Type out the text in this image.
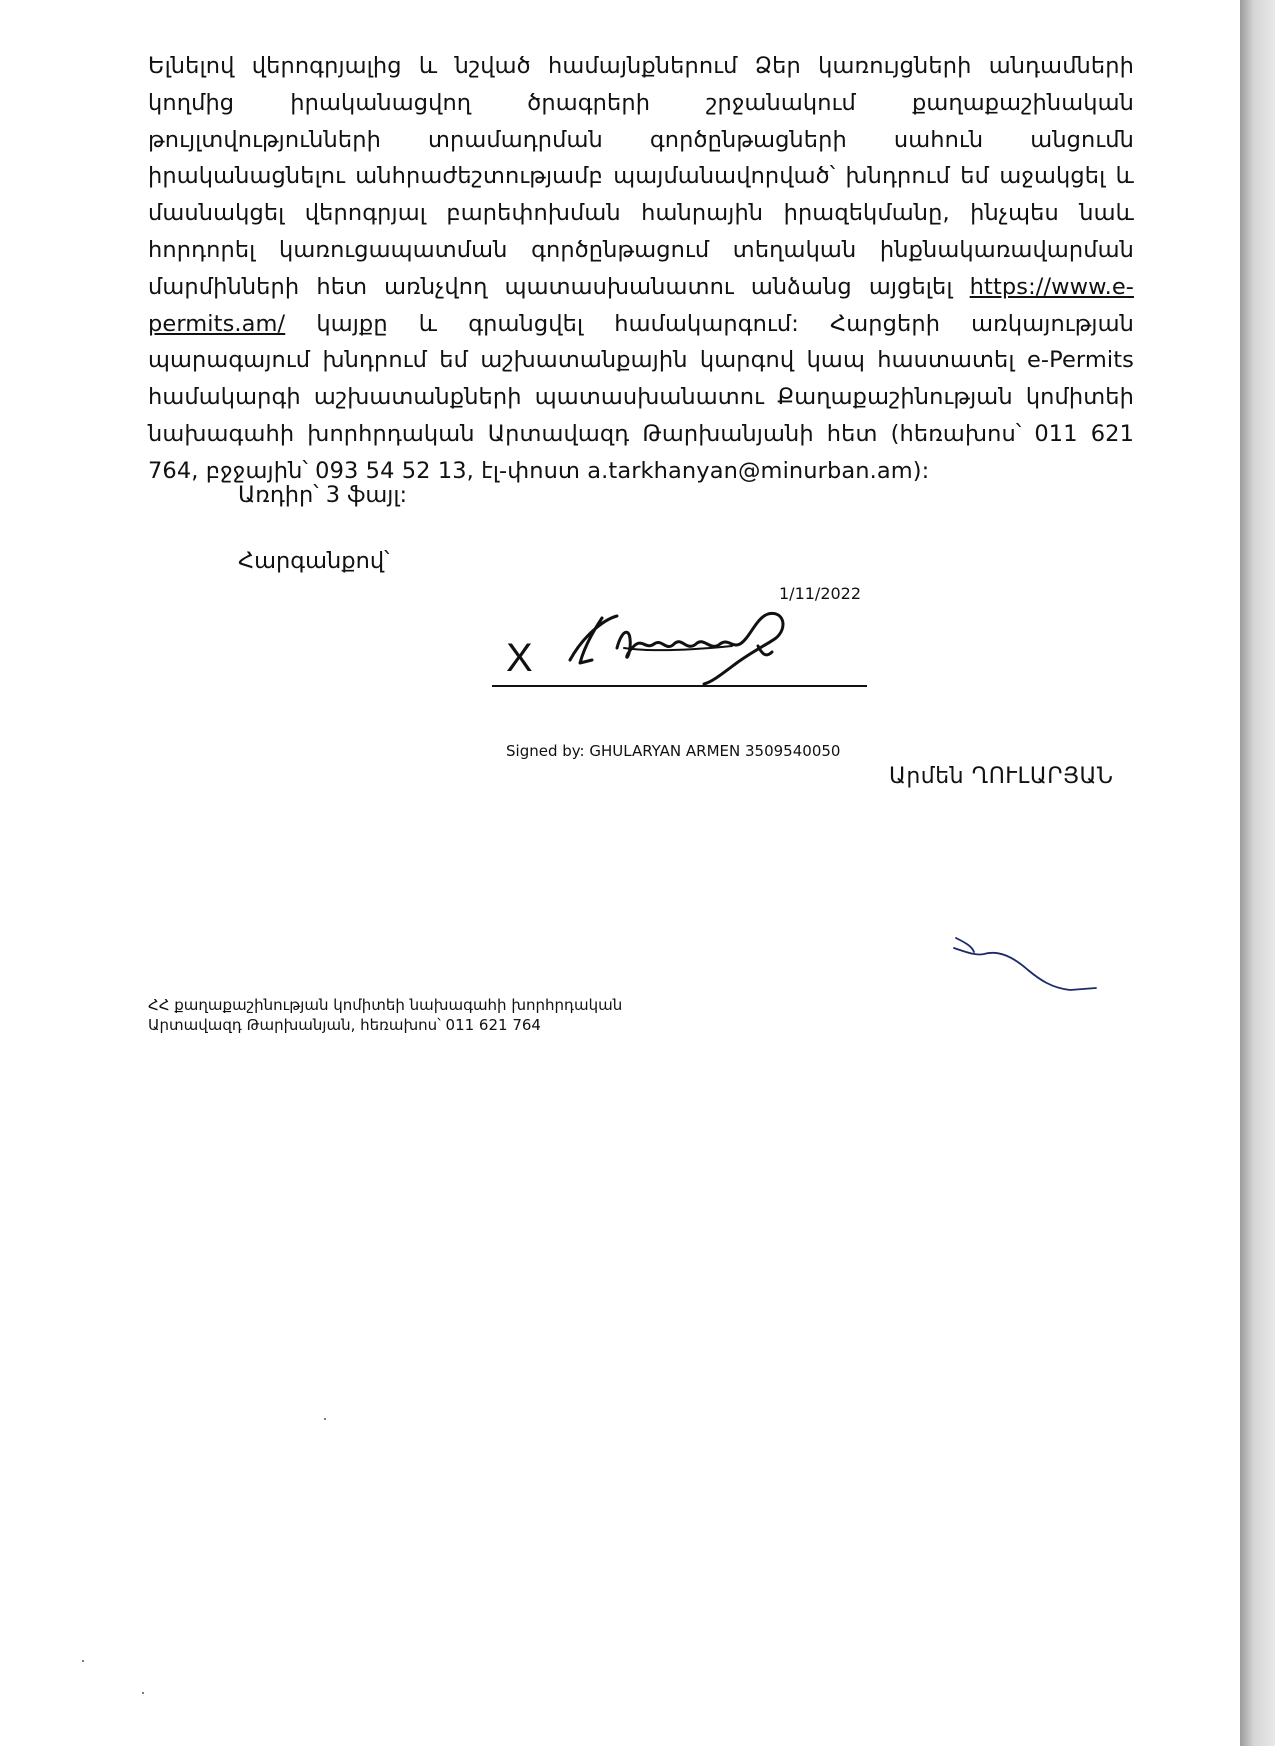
Ելնելով վերոգրյալից և նշված համայնքներում Ձեր կառույցների անդամների կողմից իրականացվող ծրագրերի շրջանակում քաղաքաշինական թույլտվությունների տրամադրման գործընթացների սահուն անցումն իրականացնելու անհրաժեշտությամբ պայմանավորված՝ խնդրում եմ աջակցել և մասնակցել վերոգրյալ բարեփոխման հանրային իրազեկմանը, ինչպես նաև հորդորել կառուցապատման գործընթացում տեղական ինքնակառավարման մարմինների հետ առնչվող պատասխանատու անձանց այցելել https://www.e-permits.am/ կայքը և գրանցվել համակարգում: Հարցերի առկայության պարագայում խնդրում եմ աշխատանքային կարգով կապ հաստատել e-Permits համակարգի աշխատանքների պատասխանատու Քաղաքաշինության կոմիտեի նախագահի խորհրդական Արտավազդ Թարխանյանի հետ (հեռախոս՝ 011 621 764, բջջային՝ 093 54 52 13, էլ-փոստ a.tarkhanyan@minurban.am):
Առդիր՝ 3 ֆայլ:
Հարգանքով՝
1/11/2022
X
Signed by: GHULARYAN ARMEN 3509540050
Արմեն ՂՈՒԼԱՐՅԱՆ
ՀՀ քաղաքաշինության կոմիտեի նախագահի խորհրդական
Արտավազդ Թարխանյան, հեռախոս՝ 011 621 764
